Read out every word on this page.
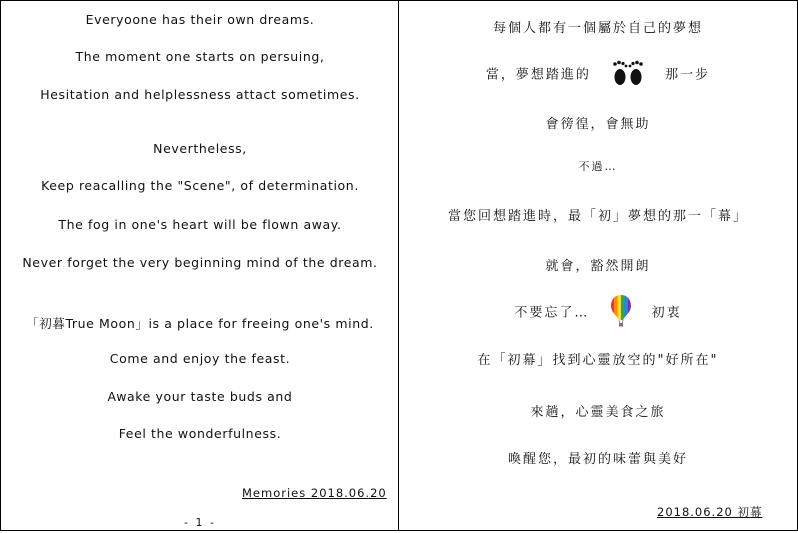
Everyoone has their own dreams.
The moment one starts on persuing,
Hesitation and helplessness attact sometimes.
Nevertheless,
Keep reacalling the "Scene", of determination.
The fog in one's heart will be flown away.
Never forget the very beginning mind of the dream.
「初暮True Moon」is a place for freeing one's mind.
Come and enjoy the feast.
Awake your taste buds and
Feel the wonderfulness.
Memories 2018.06.20
- 1 -
每個人都有一個屬於自己的夢想
當，夢想踏進的	那一步
會徬徨，會無助
不過…
當您回想踏進時，最「初」夢想的那一「幕」
就會，豁然開朗
不要忘了…	初衷
在「初幕」找到心靈放空的"好所在"
來趟，心靈美食之旅
喚醒您，最初的味蕾與美好
2018.06.20 初幕
